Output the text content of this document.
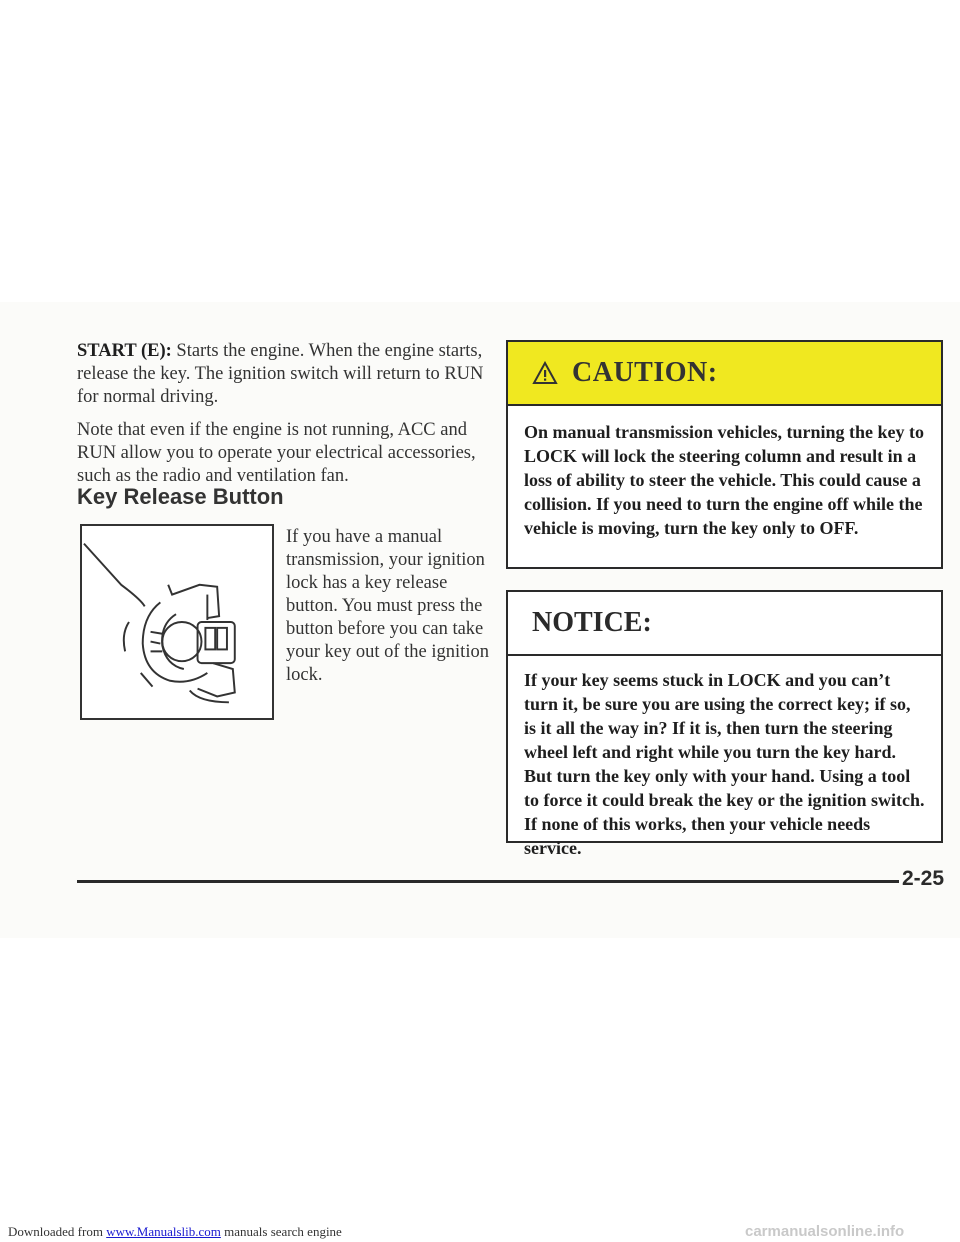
START (E): Starts the engine. When the engine starts, release the key. The ignition switch will return to RUN for normal driving.

Note that even if the engine is not running, ACC and RUN allow you to operate your electrical accessories, such as the radio and ventilation fan.

Key Release Button

If you have a manual transmission, your ignition lock has a key release button. You must press the button before you can take your key out of the ignition lock.

CAUTION:

On manual transmission vehicles, turning the key to LOCK will lock the steering column and result in a loss of ability to steer the vehicle. This could cause a collision. If you need to turn the engine off while the vehicle is moving, turn the key only to OFF.

NOTICE:

If your key seems stuck in LOCK and you can’t turn it, be sure you are using the correct key; if so, is it all the way in? If it is, then turn the steering wheel left and right while you turn the key hard. But turn the key only with your hand. Using a tool to force it could break the key or the ignition switch. If none of this works, then your vehicle needs service.

2-25
Downloaded from www.Manualslib.com manuals search engine	carmanualsonline.info
